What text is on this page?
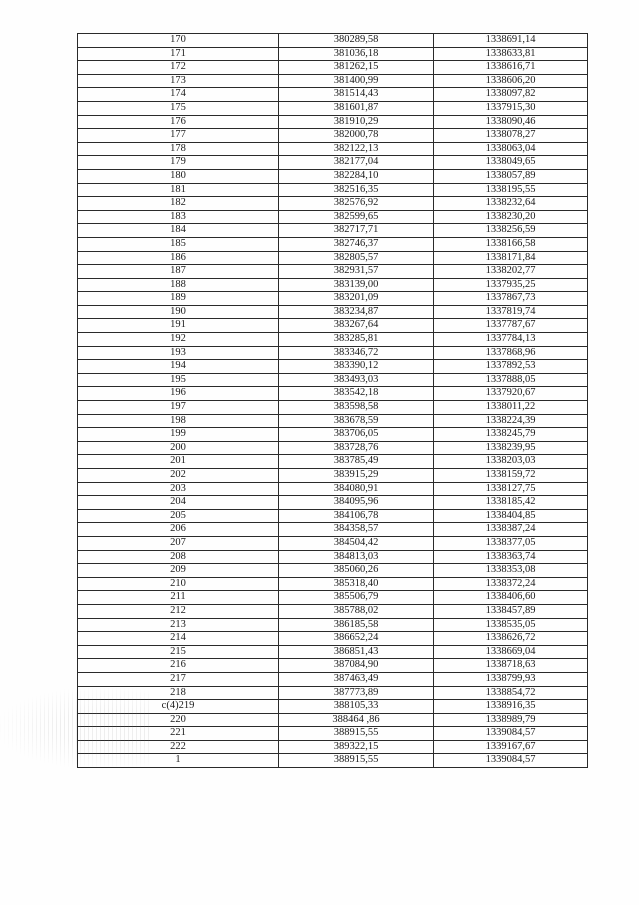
170	380289,58	1338691,14
171	381036,18	1338633,81
172	381262,15	1338616,71
173	381400,99	1338606,20
174	381514,43	1338097,82
175	381601,87	1337915,30
176	381910,29	1338090,46
177	382000,78	1338078,27
178	382122,13	1338063,04
179	382177,04	1338049,65
180	382284,10	1338057,89
181	382516,35	1338195,55
182	382576,92	1338232,64
183	382599,65	1338230,20
184	382717,71	1338256,59
185	382746,37	1338166,58
186	382805,57	1338171,84
187	382931,57	1338202,77
188	383139,00	1337935,25
189	383201,09	1337867,73
190	383234,87	1337819,74
191	383267,64	1337787,67
192	383285,81	1337784,13
193	383346,72	1337868,96
194	383390,12	1337892,53
195	383493,03	1337888,05
196	383542,18	1337920,67
197	383598,58	1338011,22
198	383678,59	1338224,39
199	383706,05	1338245,79
200	383728,76	1338239,95
201	383785,49	1338203,03
202	383915,29	1338159,72
203	384080,91	1338127,75
204	384095,96	1338185,42
205	384106,78	1338404,85
206	384358,57	1338387,24
207	384504,42	1338377,05
208	384813,03	1338363,74
209	385060,26	1338353,08
210	385318,40	1338372,24
211	385506,79	1338406,60
212	385788,02	1338457,89
213	386185,58	1338535,05
214	386652,24	1338626,72
215	386851,43	1338669,04
216	387084,90	1338718,63
217	387463,49	1338799,93
218	387773,89	1338854,72
c(4)219	388105,33	1338916,35
220	388464 ,86	1338989,79
221	388915,55	1339084,57
222	389322,15	1339167,67
1	388915,55	1339084,57
